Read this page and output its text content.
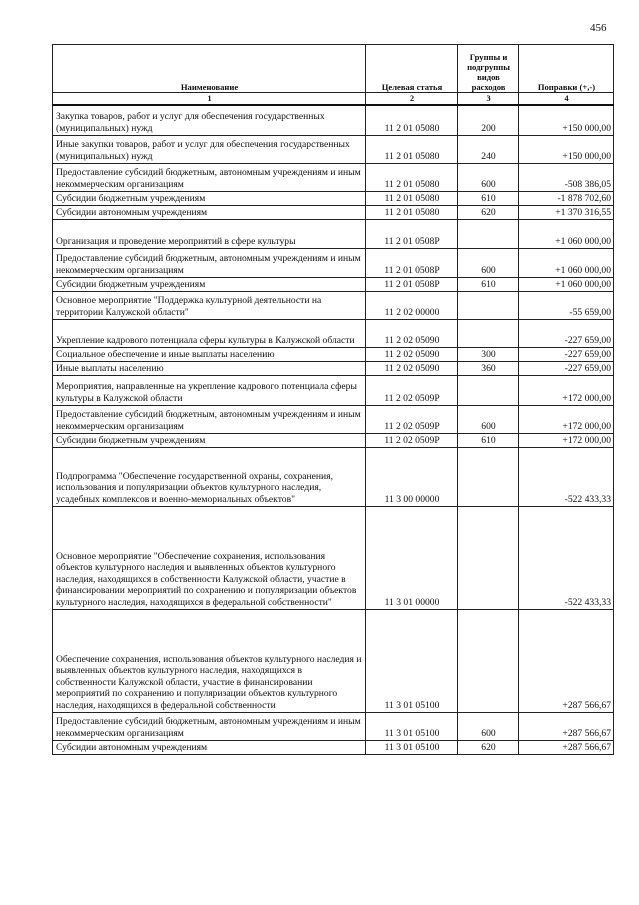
456
Наименование	Целевая статья	Группы и подгруппы видов расходов	Поправки (+,-)
1	2	3	4
Закупка товаров, работ и услуг для обеспечения государственных (муниципальных) нужд	11 2 01 05080	200	+150 000,00
Иные закупки товаров, работ и услуг для обеспечения государственных (муниципальных) нужд	11 2 01 05080	240	+150 000,00
Предоставление субсидий бюджетным, автономным учреждениям и иным некоммерческим организациям	11 2 01 05080	600	-508 386,05
Субсидии бюджетным учреждениям	11 2 01 05080	610	-1 878 702,60
Субсидии автономным учреждениям	11 2 01 05080	620	+1 370 316,55
Организация и проведение мероприятий в сфере культуры	11 2 01 0508Р		+1 060 000,00
Предоставление субсидий бюджетным, автономным учреждениям и иным некоммерческим организациям	11 2 01 0508Р	600	+1 060 000,00
Субсидии бюджетным учреждениям	11 2 01 0508Р	610	+1 060 000,00
Основное мероприятие "Поддержка культурной деятельности на территории Калужской области"	11 2 02 00000		-55 659,00
Укрепление кадрового потенциала сферы культуры в Калужской области	11 2 02 05090		-227 659,00
Социальное обеспечение и иные выплаты населению	11 2 02 05090	300	-227 659,00
Иные выплаты населению	11 2 02 05090	360	-227 659,00
Мероприятия, направленные на укрепление кадрового потенциала сферы культуры в Калужской области	11 2 02 0509Р		+172 000,00
Предоставление субсидий бюджетным, автономным учреждениям и иным некоммерческим организациям	11 2 02 0509Р	600	+172 000,00
Субсидии бюджетным учреждениям	11 2 02 0509Р	610	+172 000,00
Подпрограмма "Обеспечение государственной охраны, сохранения, использования и популяризации объектов культурного наследия, усадебных комплексов и военно-мемориальных объектов"	11 3 00 00000		-522 433,33
Основное мероприятие "Обеспечение сохранения, использования объектов культурного наследия и выявленных объектов культурного наследия, находящихся в собственности Калужской области, участие в финансировании мероприятий по сохранению и популяризации объектов культурного наследия, находящихся в федеральной собственности"	11 3 01 00000		-522 433,33
Обеспечение сохранения, использования объектов культурного наследия и выявленных объектов культурного наследия, находящихся в собственности Калужской области, участие в финансировании мероприятий по сохранению и популяризации объектов культурного наследия, находящихся в федеральной собственности	11 3 01 05100		+287 566,67
Предоставление субсидий бюджетным, автономным учреждениям и иным некоммерческим организациям	11 3 01 05100	600	+287 566,67
Субсидии автономным учреждениям	11 3 01 05100	620	+287 566,67
